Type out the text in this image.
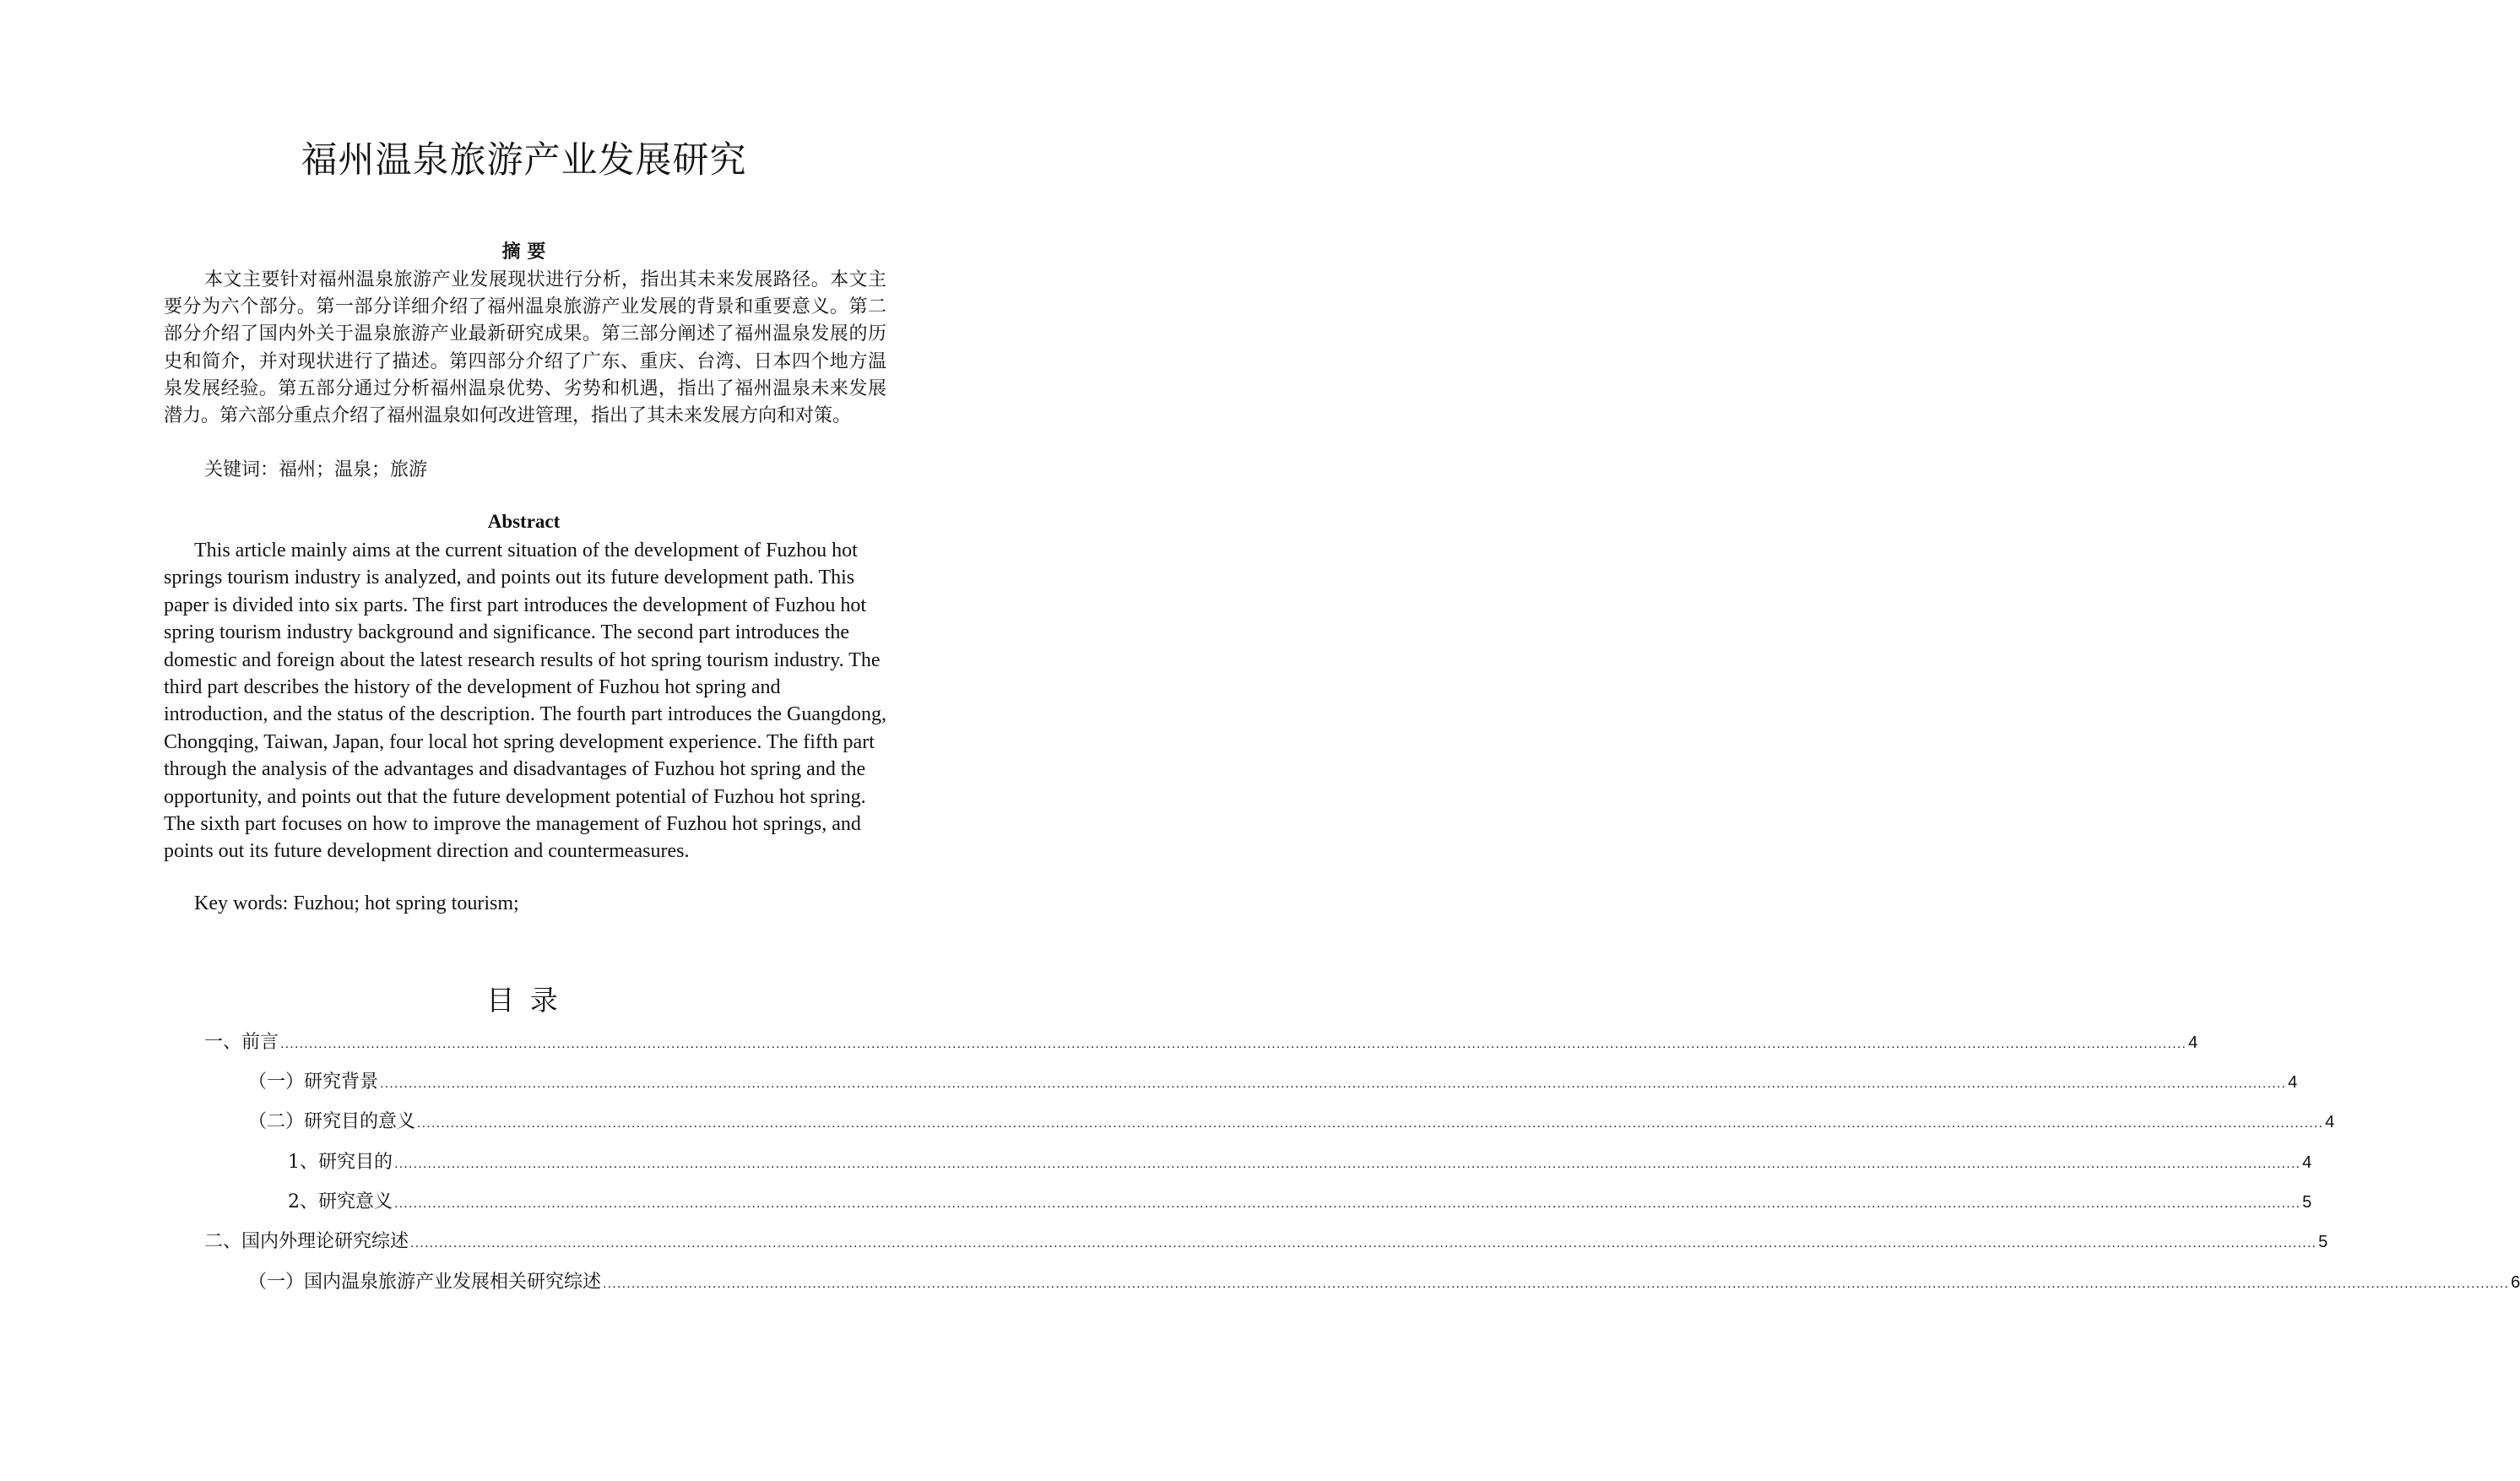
福州温泉旅游产业发展研究
摘 要

本文主要针对福州温泉旅游产业发展现状进行分析，指出其未来发展路径。本文主要分为六个部分。第一部分详细介绍了福州温泉旅游产业发展的背景和重要意义。第二部分介绍了国内外关于温泉旅游产业最新研究成果。第三部分阐述了福州温泉发展的历史和简介，并对现状进行了描述。第四部分介绍了广东、重庆、台湾、日本四个地方温泉发展经验。第五部分通过分析福州温泉优势、劣势和机遇，指出了福州温泉未来发展潜力。第六部分重点介绍了福州温泉如何改进管理，指出了其未来发展方向和对策。

关键词：福州；温泉；旅游

Abstract

This article mainly aims at the current situation of the development of Fuzhou hot springs tourism industry is analyzed, and points out its future development path. This paper is divided into six parts. The first part introduces the development of Fuzhou hot spring tourism industry background and significance. The second part introduces the domestic and foreign about the latest research results of hot spring tourism industry. The third part describes the history of the development of Fuzhou hot spring and introduction, and the status of the description. The fourth part introduces the Guangdong, Chongqing, Taiwan, Japan, four local hot spring development experience. The fifth part through the analysis of the advantages and disadvantages of Fuzhou hot spring and the opportunity, and points out that the future development potential of Fuzhou hot spring. The sixth part focuses on how to improve the management of Fuzhou hot springs, and points out its future development direction and countermeasures.

Key words: Fuzhou; hot spring tourism;

目 录
一、前言 ................................................................................................................................................................................................................................................................................................................................................................................................................ 4
（一）研究背景 ................................................................................................................................................................................................................................................................................................................................................................................................................ 4
（二）研究目的意义 ................................................................................................................................................................................................................................................................................................................................................................................................................ 4
1、研究目的 ................................................................................................................................................................................................................................................................................................................................................................................................................ 4
2、研究意义 ................................................................................................................................................................................................................................................................................................................................................................................................................ 5
二、国内外理论研究综述 ................................................................................................................................................................................................................................................................................................................................................................................................................ 5
（一）国内温泉旅游产业发展相关研究综述 ................................................................................................................................................................................................................................................................................................................................................................................................................ 6
